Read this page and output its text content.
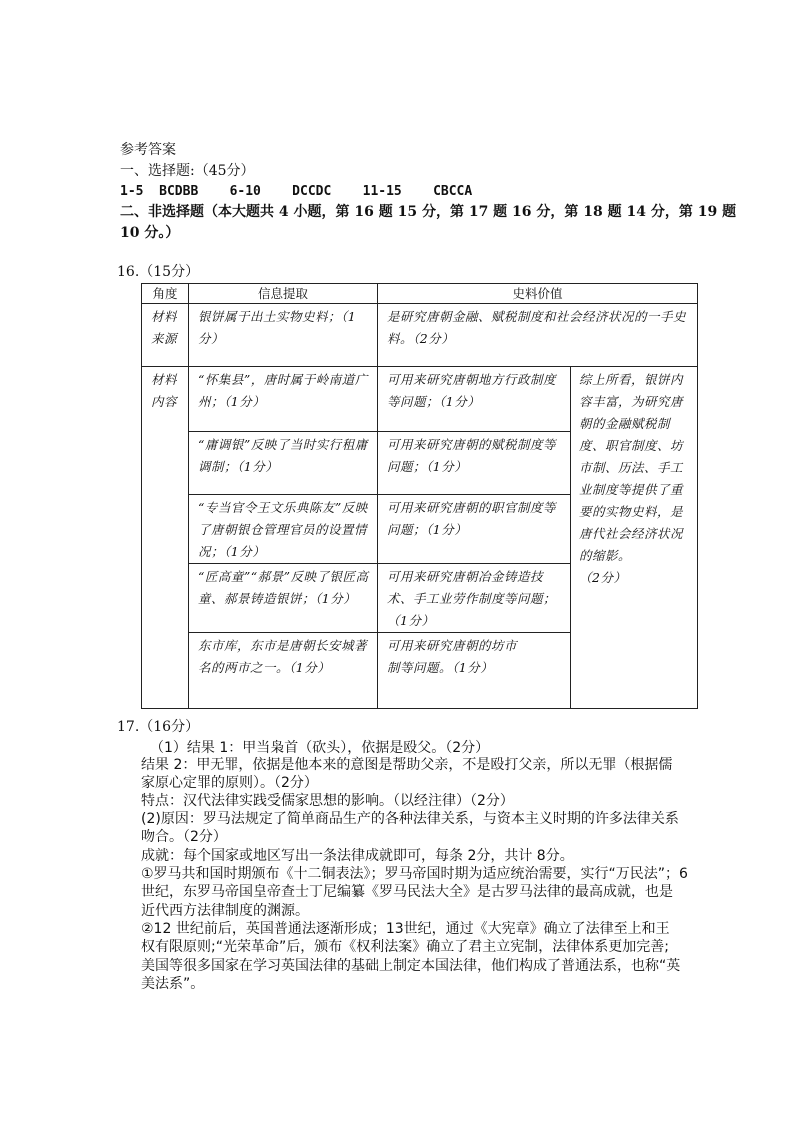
参考答案
一、选择题:（45分）
1-5  BCDBB    6-10    DCCDC    11-15    CBCCA
二、非选择题（本大题共 4 小题，第 16 题 15 分，第 17 题 16 分，第 18 题 14 分，第 19 题
10 分。）
16.（15分）
角度	信息提取	史料价值	
材料来源	银饼属于出土实物史料；（1分）	是研究唐朝金融、赋税制度和社会经济状况的一手史料。（2分）	
材料内容	“怀集县”，唐时属于岭南道广州；（1分）	可用来研究唐朝地方行政制度等问题；（1分）	综上所看，银饼内容丰富，为研究唐朝的金融赋税制度、职官制度、坊市制、历法、手工业制度等提供了重要的实物史料，是唐代社会经济状况的缩影。
（2分）
	“庸调银”反映了当时实行租庸调制；（1分）	可用来研究唐朝的赋税制度等问题；（1分）	
	“专当官令王文乐典陈友”反映了唐朝银仓管理官员的设置情况；（1分）	可用来研究唐朝的职官制度等问题；（1分）	
	“匠高童”“郝景”反映了银匠高童、郝景铸造银饼；（1分）	可用来研究唐朝冶金铸造技术、手工业劳作制度等问题；（1分）	
	东市库，东市是唐朝长安城著名的两市之一。（1分）	可用来研究唐朝的坊市
制等问题。（1分）	
17.（16分）
（1）结果 1：甲当枭首（砍头），依据是殴父。（2分）
结果 2：甲无罪，依据是他本来的意图是帮助父亲，不是殴打父亲，所以无罪（根据儒
家原心定罪的原则）。（2分）
特点：汉代法律实践受儒家思想的影响。（以经注律）（2分）
(2)原因：罗马法规定了简单商品生产的各种法律关系，与资本主义时期的许多法律关系
吻合。（2分）
成就：每个国家或地区写出一条法律成就即可，每条 2分，共计 8分。
①罗马共和国时期颁布《十二铜表法》；罗马帝国时期为适应统治需要，实行“万民法”；6
世纪，东罗马帝国皇帝查士丁尼编纂《罗马民法大全》是古罗马法律的最高成就，也是
近代西方法律制度的渊源。
②12 世纪前后，英国普通法逐渐形成；13世纪，通过《大宪章》确立了法律至上和王
权有限原则;“光荣革命”后，颁布《权利法案》确立了君主立宪制，法律体系更加完善;
美国等很多国家在学习英国法律的基础上制定本国法律，他们构成了普通法系，也称“英
美法系”。
